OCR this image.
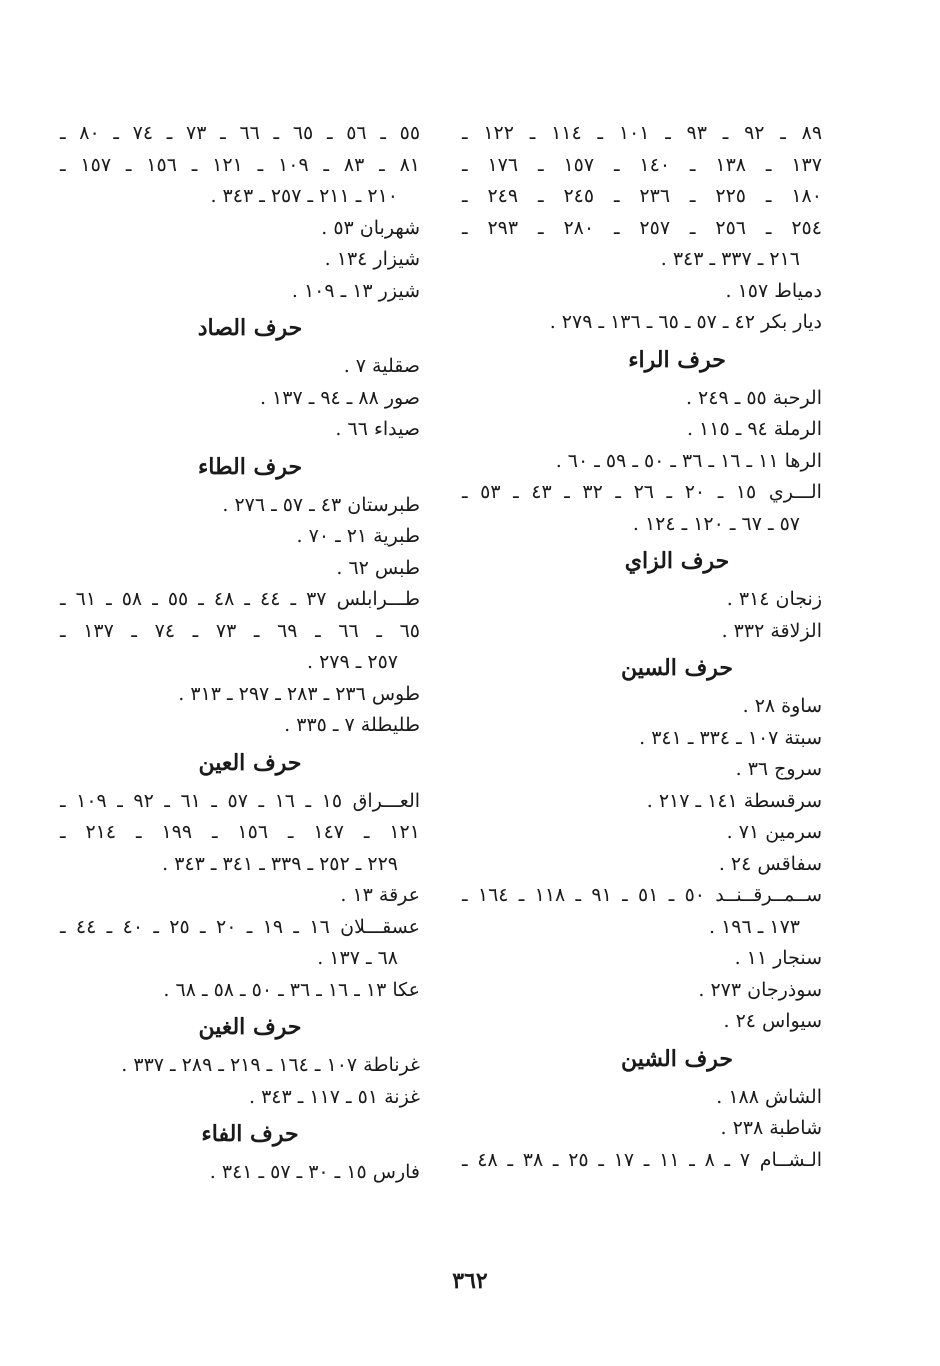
٨٩ ـ ٩٢ ـ ٩٣ ـ ١٠١ ـ ١١٤ ـ ١٢٢ ـ
١٣٧ ـ ١٣٨ ـ ١٤٠ ـ ١٥٧ ـ ١٧٦ ـ
١٨٠ ـ ٢٢٥ ـ ٢٣٦ ـ ٢٤٥ ـ ٢٤٩ ـ
٢٥٤ ـ ٢٥٦ ـ ٢٥٧ ـ ٢٨٠ ـ ٢٩٣ ـ
٢١٦ ـ ٣٣٧ ـ ٣٤٣ .
دمياط ١٥٧ .
ديار بكر ٤٢ ـ ٥٧ ـ ٦٥ ـ ١٣٦ ـ ٢٧٩ .
حرف الراء
الرحبة ٥٥ ـ ٢٤٩ .
الرملة ٩٤ ـ ١١٥ .
الرها ١١ ـ ١٦ ـ ٣٦ ـ ٥٠ ـ ٥٩ ـ ٦٠ .
الـــري ١٥ ـ ٢٠ ـ ٢٦ ـ ٣٢ ـ ٤٣ ـ ٥٣ ـ
٥٧ ـ ٦٧ ـ ١٢٠ ـ ١٢٤ .
حرف الزاي
زنجان ٣١٤ .
الزلاقة ٣٣٢ .
حرف السين
ساوة ٢٨ .
سبتة ١٠٧ ـ ٣٣٤ ـ ٣٤١ .
سروج ٣٦ .
سرقسطة ١٤١ ـ ٢١٧ .
سرمين ٧١ .
سفاقس ٢٤ .
ســمــرقــنــد ٥٠ ـ ٥١ ـ ٩١ ـ ١١٨ ـ ١٦٤ ـ
١٧٣ ـ ١٩٦ .
سنجار ١١ .
سوذرجان ٢٧٣ .
سيواس ٢٤ .
حرف الشين
الشاش ١٨٨ .
شاطبة ٢٣٨ .
الـشــام ٧ ـ ٨ ـ ١١ ـ ١٧ ـ ٢٥ ـ ٣٨ ـ ٤٨ ـ
٥٥ ـ ٥٦ ـ ٦٥ ـ ٦٦ ـ ٧٣ ـ ٧٤ ـ ٨٠ ـ
٨١ ـ ٨٣ ـ ١٠٩ ـ ١٢١ ـ ١٥٦ ـ ١٥٧ ـ
٢١٠ ـ ٢١١ ـ ٢٥٧ ـ ٣٤٣ .
شهربان ٥٣ .
شيزار ١٣٤ .
شيزر ١٣ ـ ١٠٩ .
حرف الصاد
صقلية ٧ .
صور ٨٨ ـ ٩٤ ـ ١٣٧ .
صيداء ٦٦ .
حرف الطاء
طبرستان ٤٣ ـ ٥٧ ـ ٢٧٦ .
طبرية ٢١ ـ ٧٠ .
طبس ٦٢ .
طـــرابلس ٣٧ ـ ٤٤ ـ ٤٨ ـ ٥٥ ـ ٥٨ ـ ٦١ ـ
٦٥ ـ ٦٦ ـ ٦٩ ـ ٧٣ ـ ٧٤ ـ ١٣٧ ـ
٢٥٧ ـ ٢٧٩ .
طوس ٢٣٦ ـ ٢٨٣ ـ ٢٩٧ ـ ٣١٣ .
طليطلة ٧ ـ ٣٣٥ .
حرف العين
العـــراق ١٥ ـ ١٦ ـ ٥٧ ـ ٦١ ـ ٩٢ ـ ١٠٩ ـ
١٢١ ـ ١٤٧ ـ ١٥٦ ـ ١٩٩ ـ ٢١٤ ـ
٢٢٩ ـ ٢٥٢ ـ ٣٣٩ ـ ٣٤١ ـ ٣٤٣ .
عرقة ١٣ .
عسقـــلان ١٦ ـ ١٩ ـ ٢٠ ـ ٢٥ ـ ٤٠ ـ ٤٤ ـ
٦٨ ـ ١٣٧ .
عكا ١٣ ـ ١٦ ـ ٣٦ ـ ٥٠ ـ ٥٨ ـ ٦٨ .
حرف الغين
غرناطة ١٠٧ ـ ١٦٤ ـ ٢١٩ ـ ٢٨٩ ـ ٣٣٧ .
غزنة ٥١ ـ ١١٧ ـ ٣٤٣ .
حرف الفاء
فارس ١٥ ـ ٣٠ ـ ٥٧ ـ ٣٤١ .
٣٦٢
